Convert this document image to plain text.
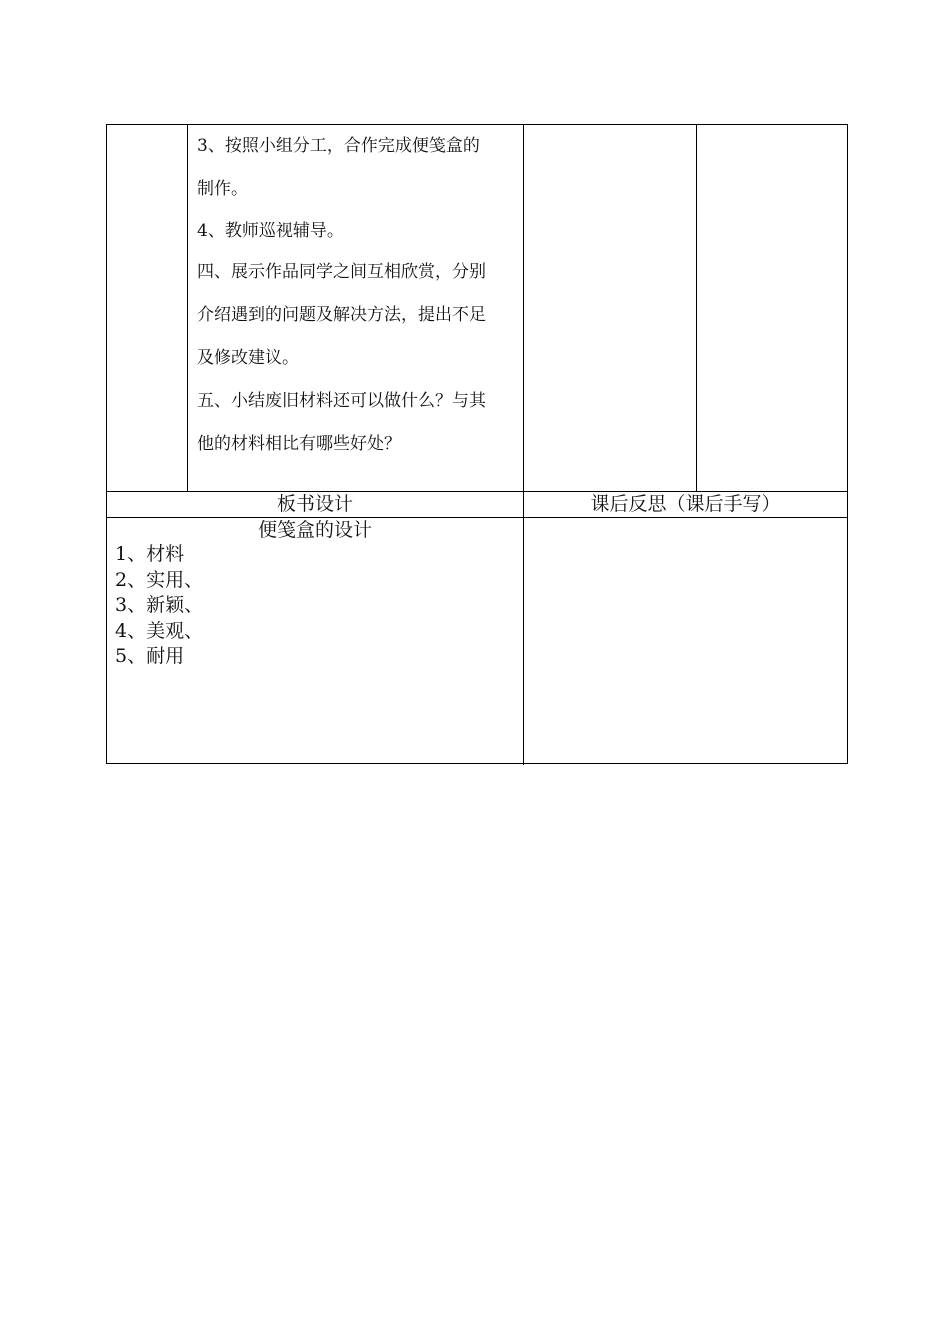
3、按照小组分工，合作完成便笺盒的

制作。

4、教师巡视辅导。

四、展示作品同学之间互相欣赏，分别

介绍遇到的问题及解决方法，提出不足

及修改建议。

五、小结废旧材料还可以做什么？与其

他的材料相比有哪些好处？

板书设计	课后反思（课后手写）
便笺盒的设计
1、材料
2、实用、
3、新颖、
4、美观、
5、耐用
